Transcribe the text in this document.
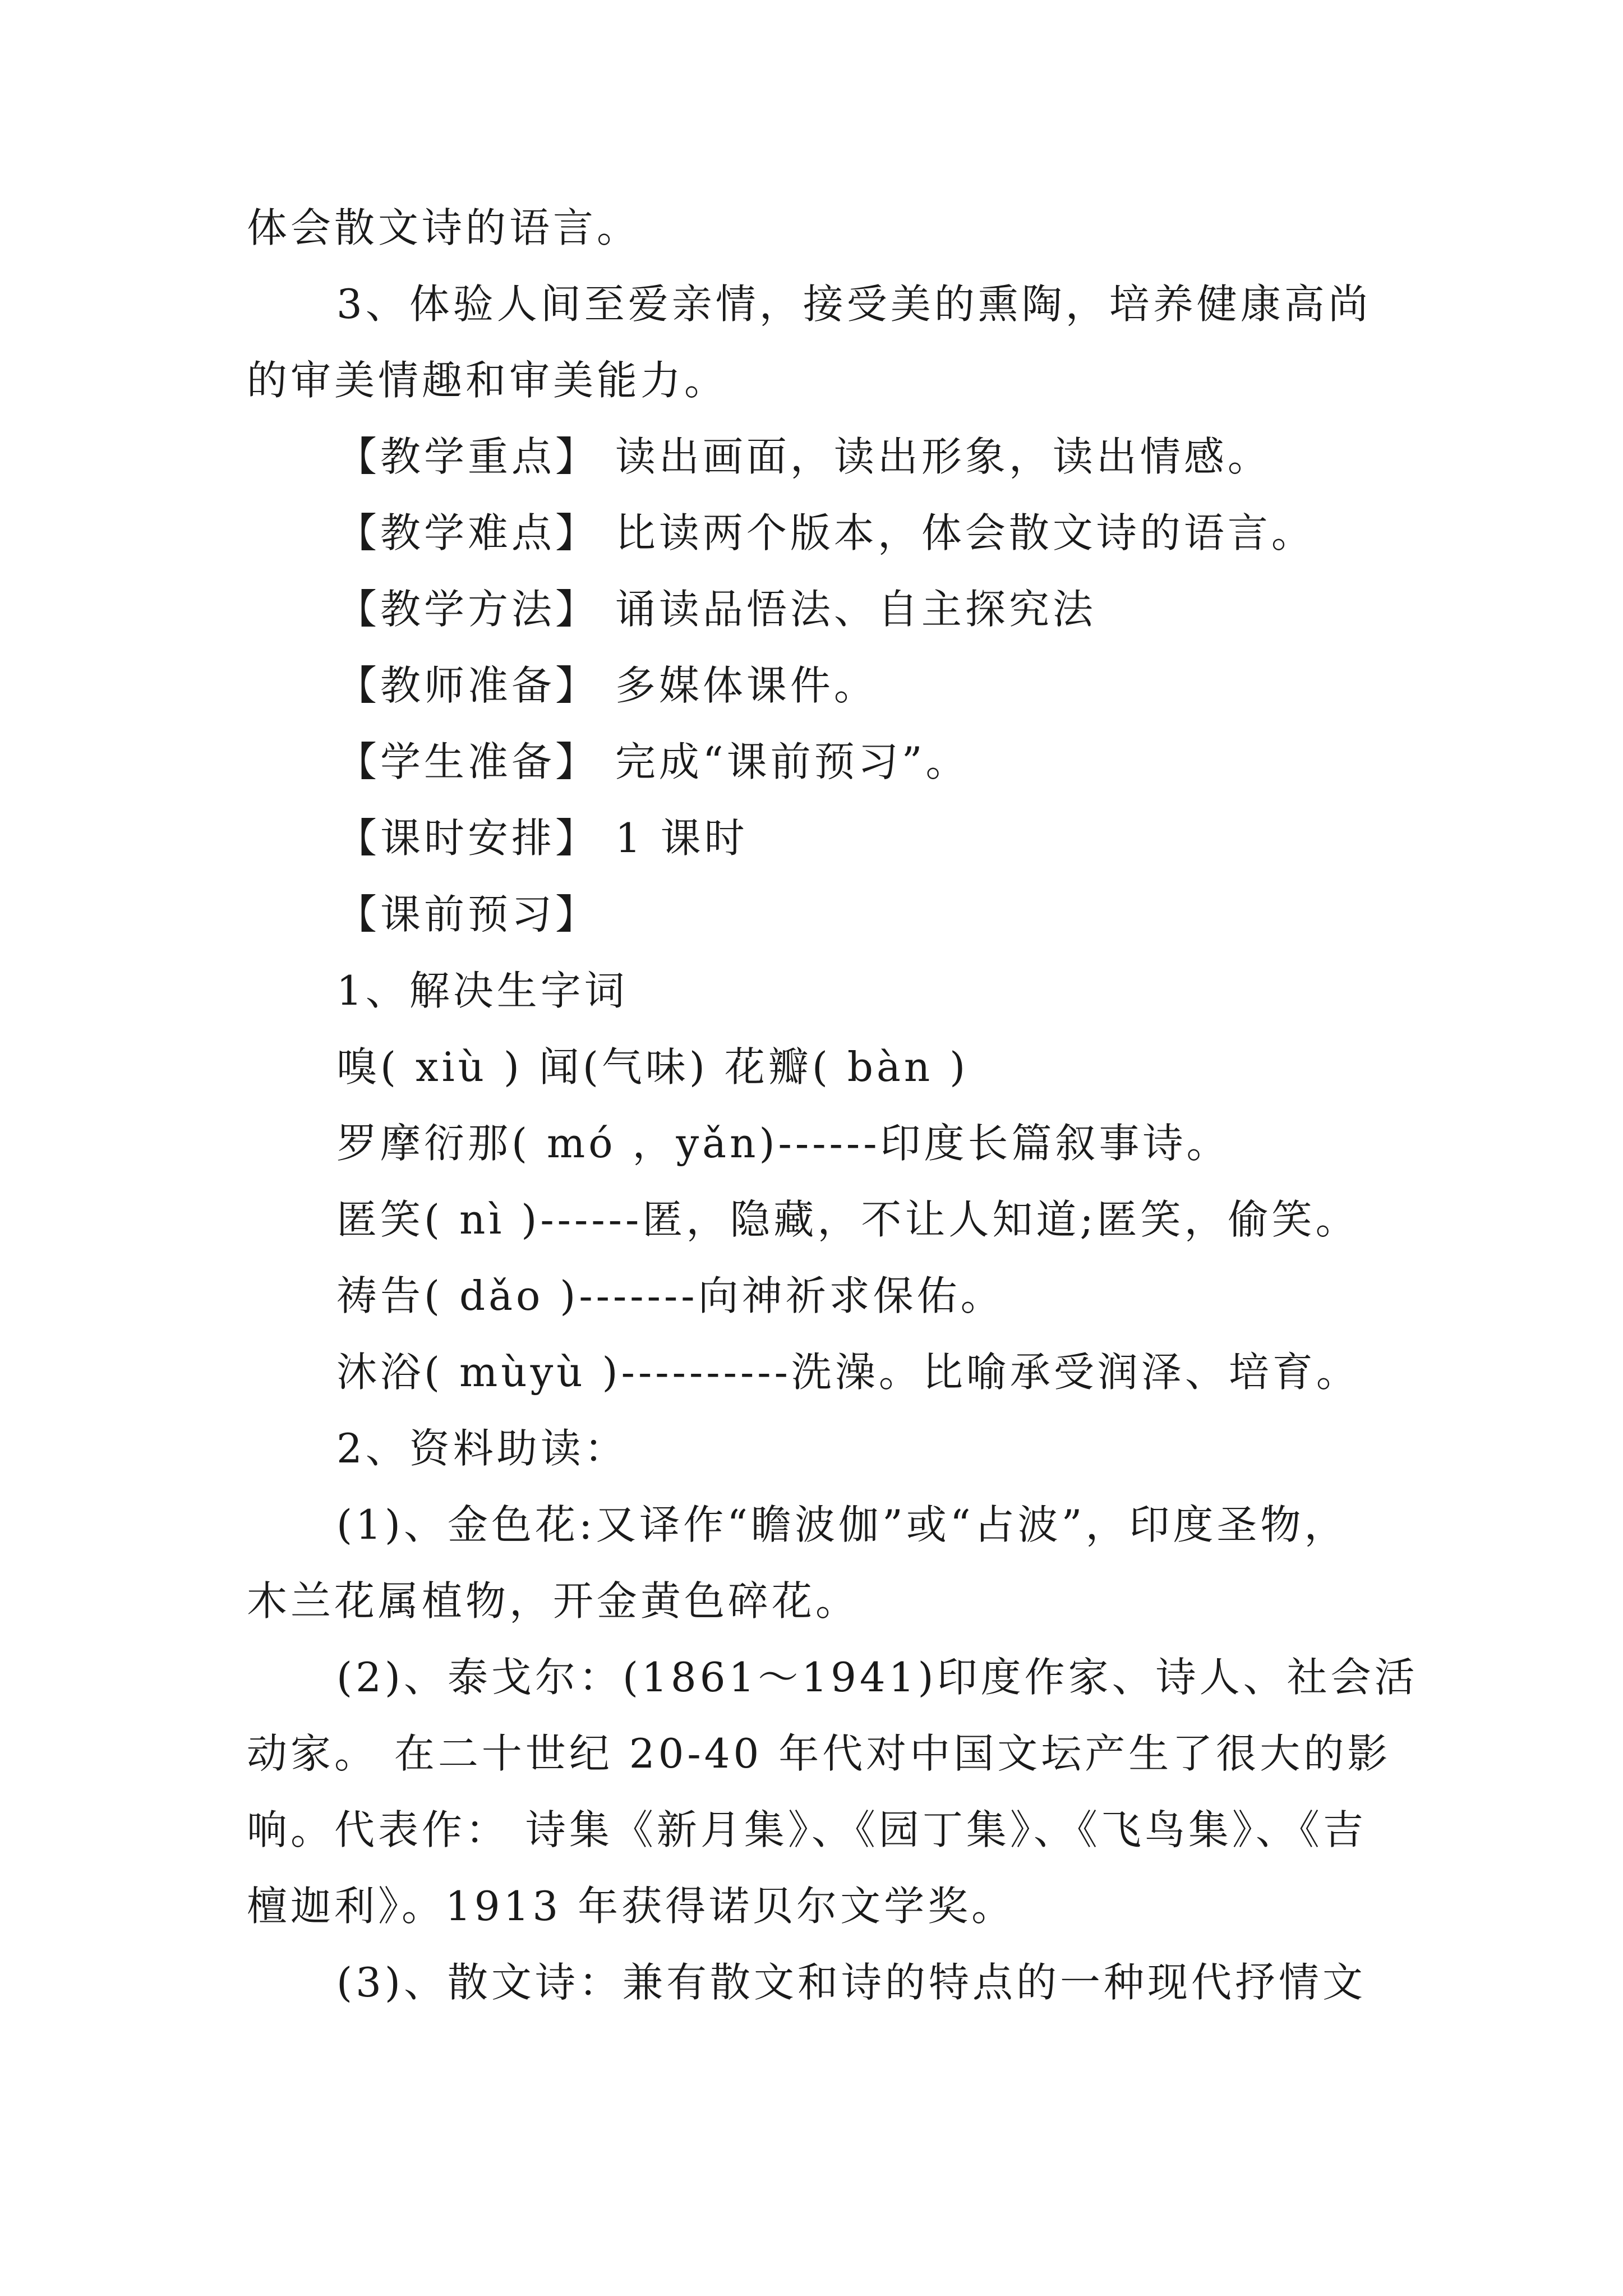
体会散文诗的语言。
3、体验人间至爱亲情，接受美的熏陶，培养健康高尚
的审美情趣和审美能力。
【教学重点】 读出画面，读出形象，读出情感。
【教学难点】 比读两个版本，体会散文诗的语言。
【教学方法】 诵读品悟法、自主探究法
【教师准备】 多媒体课件。
【学生准备】 完成“课前预习”。
【课时安排】 1 课时
【课前预习】
1、解决生字词
嗅( xiù ) 闻(气味) 花瓣( bàn )
罗摩衍那( mó ，yǎn)------印度长篇叙事诗。
匿笑( nì )------匿，隐藏，不让人知道;匿笑，偷笑。
祷告( dǎo )-------向神祈求保佑。
沐浴( mùyù )----------洗澡。比喻承受润泽、培育。
2、资料助读：
(1)、金色花:又译作“瞻波伽”或“占波”，印度圣物，
木兰花属植物，开金黄色碎花。
(2)、泰戈尔：(1861～1941)印度作家、诗人、社会活
动家。 在二十世纪 20-40 年代对中国文坛产生了很大的影
响。代表作： 诗集《新月集》、《园丁集》、《飞鸟集》、《吉
檀迦利》。1913 年获得诺贝尔文学奖。
(3)、散文诗：兼有散文和诗的特点的一种现代抒情文
